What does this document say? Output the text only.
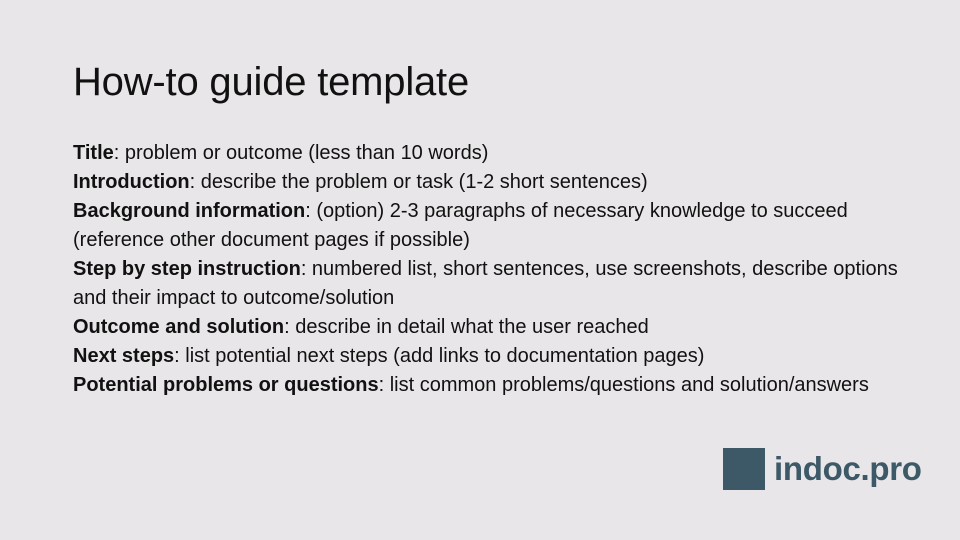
How-to guide template

Title: problem or outcome (less than 10 words)

Introduction: describe the problem or task (1-2 short sentences)

Background information: (option) 2-3 paragraphs of necessary knowledge to succeed (reference other document pages if possible)

Step by step instruction: numbered list, short sentences, use screenshots, describe options and their impact to outcome/solution

Outcome and solution: describe in detail what the user reached

Next steps: list potential next steps (add links to documentation pages)

Potential problems or questions: list common problems/questions and solution/answers

indoc.pro
